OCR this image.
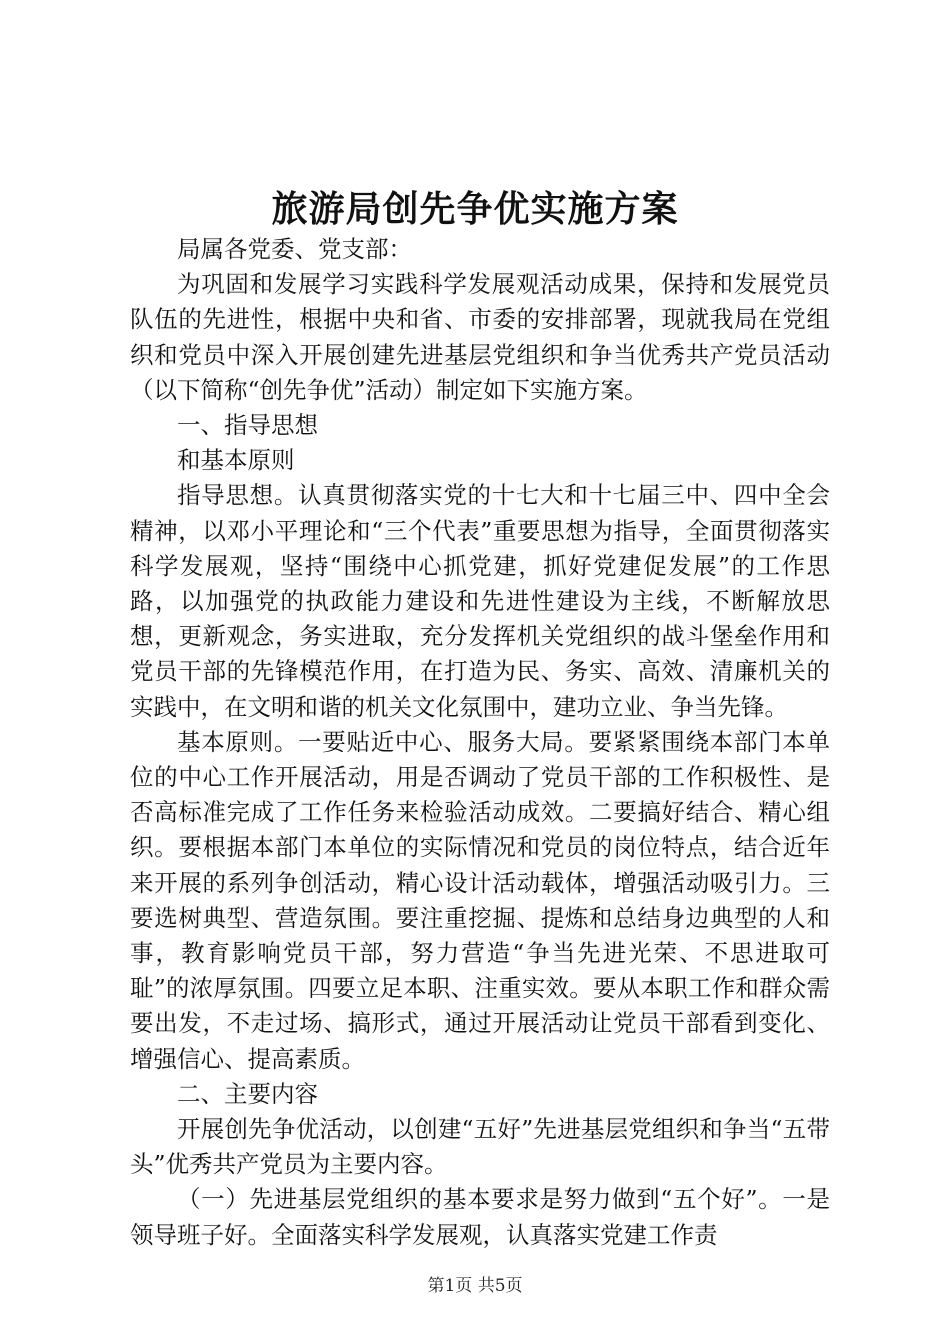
旅游局创先争优实施方案

局属各党委、党支部：

为巩固和发展学习实践科学发展观活动成果，保持和发展党员队伍的先进性，根据中央和省、市委的安排部署，现就我局在党组织和党员中深入开展创建先进基层党组织和争当优秀共产党员活动（以下简称“创先争优”活动）制定如下实施方案。

一、指导思想

和基本原则

指导思想。认真贯彻落实党的十七大和十七届三中、四中全会精神，以邓小平理论和“三个代表”重要思想为指导，全面贯彻落实科学发展观，坚持“围绕中心抓党建，抓好党建促发展”的工作思路，以加强党的执政能力建设和先进性建设为主线，不断解放思想，更新观念，务实进取，充分发挥机关党组织的战斗堡垒作用和党员干部的先锋模范作用，在打造为民、务实、高效、清廉机关的实践中，在文明和谐的机关文化氛围中，建功立业、争当先锋。

基本原则。一要贴近中心、服务大局。要紧紧围绕本部门本单位的中心工作开展活动，用是否调动了党员干部的工作积极性、是否高标准完成了工作任务来检验活动成效。二要搞好结合、精心组织。要根据本部门本单位的实际情况和党员的岗位特点，结合近年来开展的系列争创活动，精心设计活动载体，增强活动吸引力。三要选树典型、营造氛围。要注重挖掘、提炼和总结身边典型的人和事，教育影响党员干部，努力营造“争当先进光荣、不思进取可耻”的浓厚氛围。四要立足本职、注重实效。要从本职工作和群众需要出发，不走过场、搞形式，通过开展活动让党员干部看到变化、增强信心、提高素质。

二、主要内容

开展创先争优活动，以创建“五好”先进基层党组织和争当“五带头”优秀共产党员为主要内容。

（一）先进基层党组织的基本要求是努力做到“五个好”。一是领导班子好。全面落实科学发展观，认真落实党建工作责

第1页 共5页
